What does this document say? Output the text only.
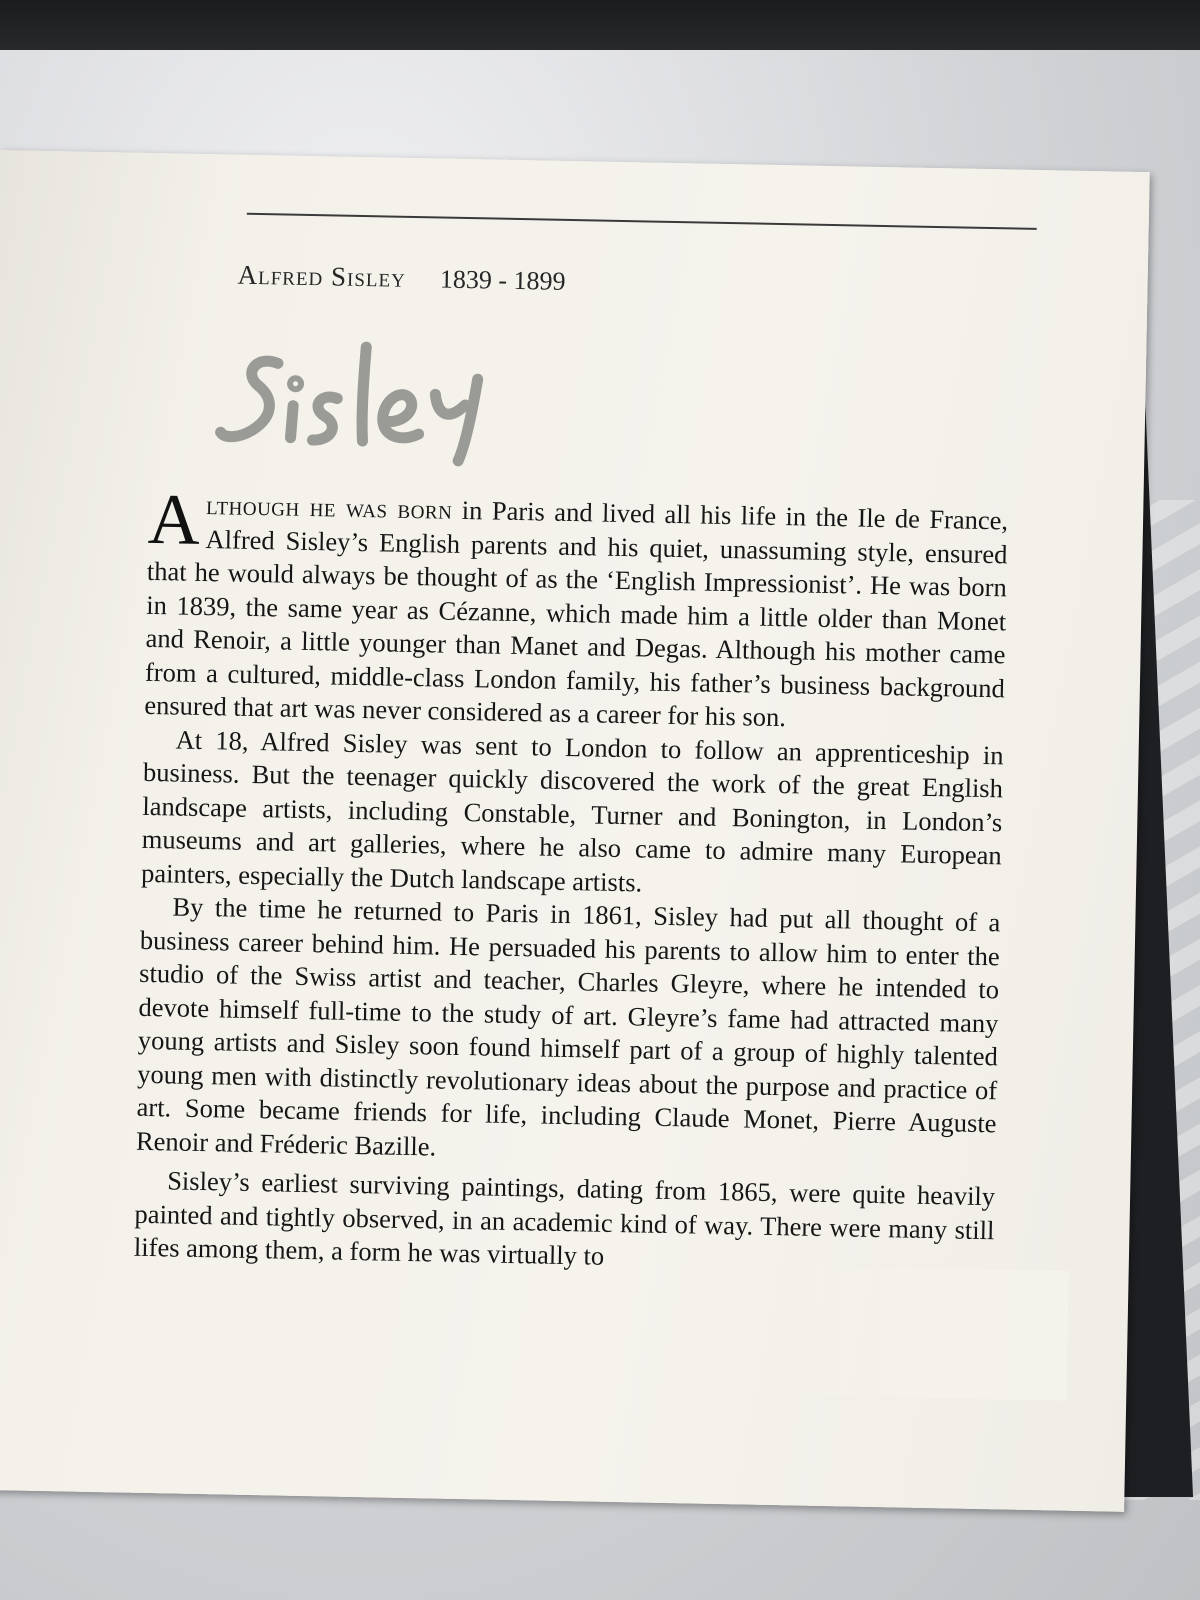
Alfred Sisley 1839 - 1899

Although he was born in Paris and lived all his life in the Ile de France, Alfred Sisley’s English parents and his quiet, unassuming style, ensured that he would always be thought of as the ‘English Impressionist’. He was born in 1839, the same year as Cézanne, which made him a little older than Monet and Renoir, a little younger than Manet and Degas. Although his mother came from a cultured, middle-class London family, his father’s business background ensured that art was never considered as a career for his son.

At 18, Alfred Sisley was sent to London to follow an apprenticeship in business. But the teenager quickly discovered the work of the great English landscape artists, including Constable, Turner and Bonington, in London’s museums and art galleries, where he also came to admire many European painters, especially the Dutch landscape artists.

By the time he returned to Paris in 1861, Sisley had put all thought of a business career behind him. He persuaded his parents to allow him to enter the studio of the Swiss artist and teacher, Charles Gleyre, where he intended to devote himself full-time to the study of art. Gleyre’s fame had attracted many young artists and Sisley soon found himself part of a group of highly talented young men with distinctly revolutionary ideas about the purpose and practice of art. Some became friends for life, including Claude Monet, Pierre Auguste Renoir and Fréderic Bazille.

Sisley’s earliest surviving paintings, dating from 1865, were quite heavily painted and tightly observed, in an academic kind of way. There were many still lifes among them, a form he was virtually to
